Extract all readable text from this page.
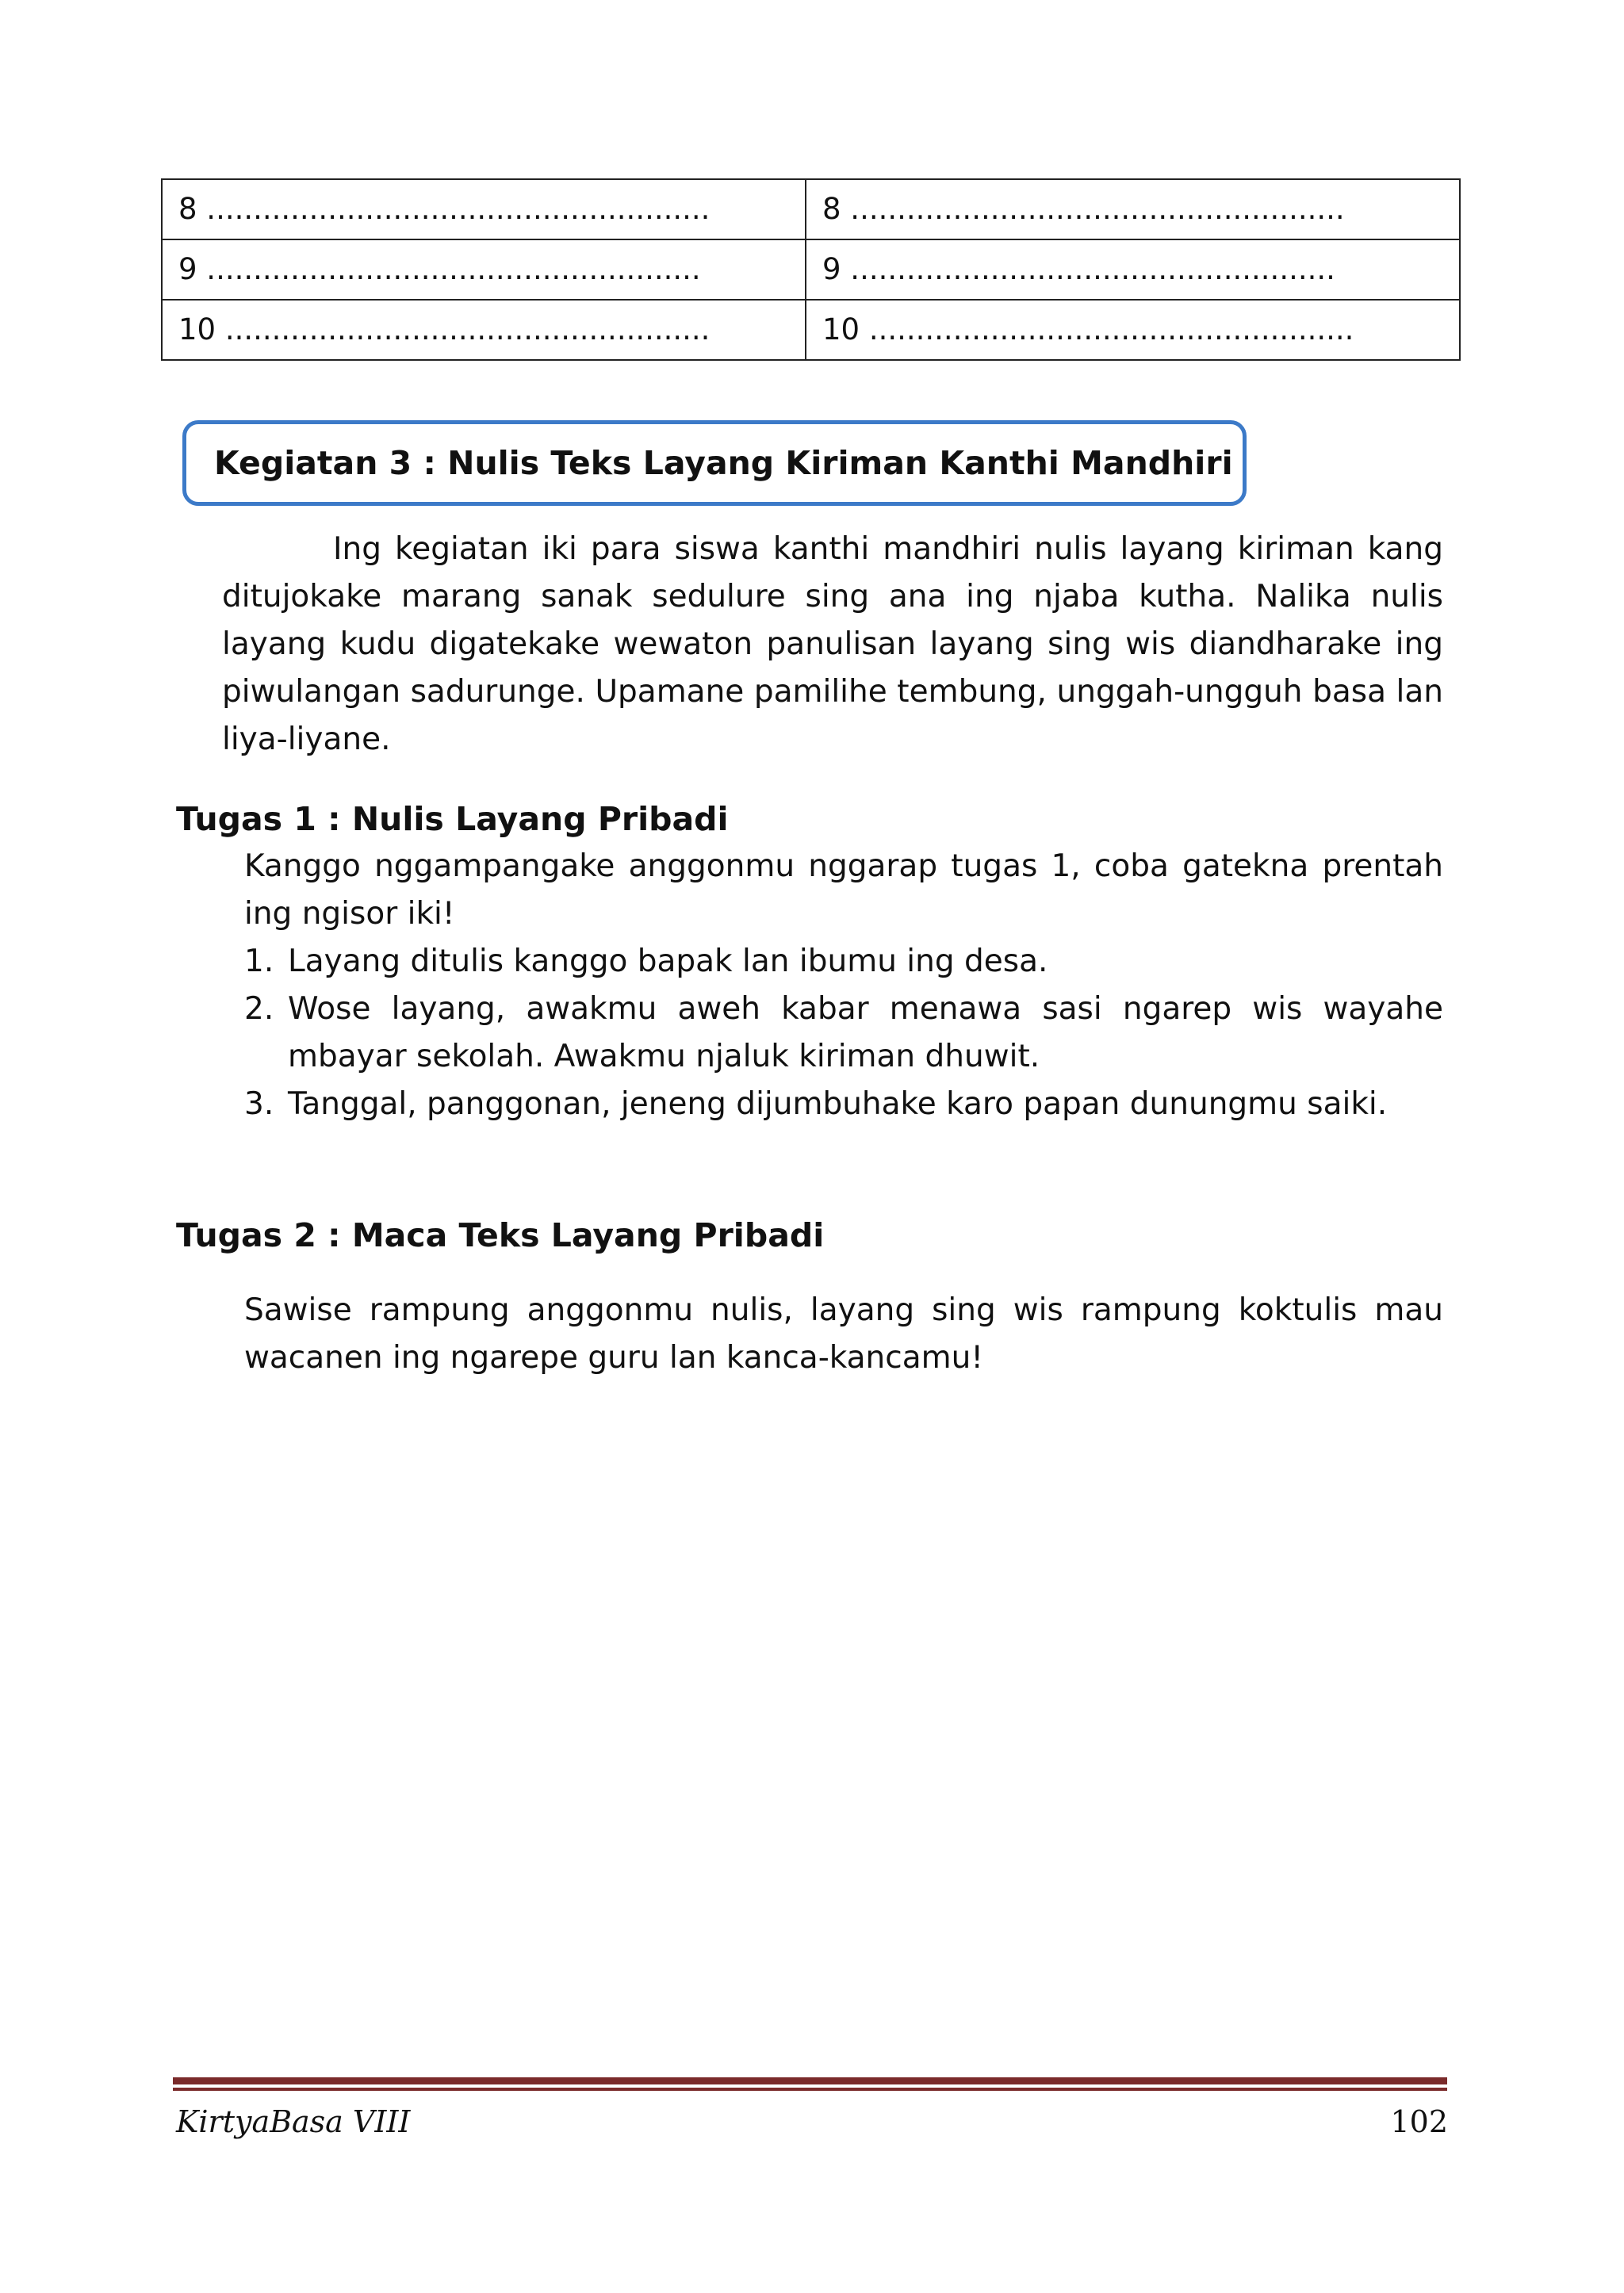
8 ......................................................	8 .....................................................
9 .....................................................	9 ....................................................
10 ....................................................	10 ....................................................
Kegiatan 3 : Nulis Teks Layang Kiriman Kanthi Mandhiri

Ing kegiatan iki para siswa kanthi mandhiri nulis layang kiriman kang ditujokake marang sanak sedulure sing ana ing njaba kutha. Nalika nulis layang kudu digatekake wewaton panulisan layang sing wis diandharake ing piwulangan sadurunge. Upamane pamilihe tembung, unggah-ungguh basa lan liya-liyane.

Tugas 1 : Nulis Layang Pribadi

Kanggo nggampangake anggonmu nggarap tugas 1, coba gatekna prentah ing ngisor iki!

1. Layang ditulis kanggo bapak lan ibumu ing desa.
2. Wose layang, awakmu aweh kabar menawa sasi ngarep wis wayahe mbayar sekolah. Awakmu njaluk kiriman dhuwit.
3. Tanggal, panggonan, jeneng dijumbuhake karo papan dunungmu saiki.
Tugas 2 : Maca Teks Layang Pribadi

Sawise rampung anggonmu nulis, layang sing wis rampung koktulis mau wacanen ing ngarepe guru lan kanca-kancamu!

KirtyaBasa VIII	102
